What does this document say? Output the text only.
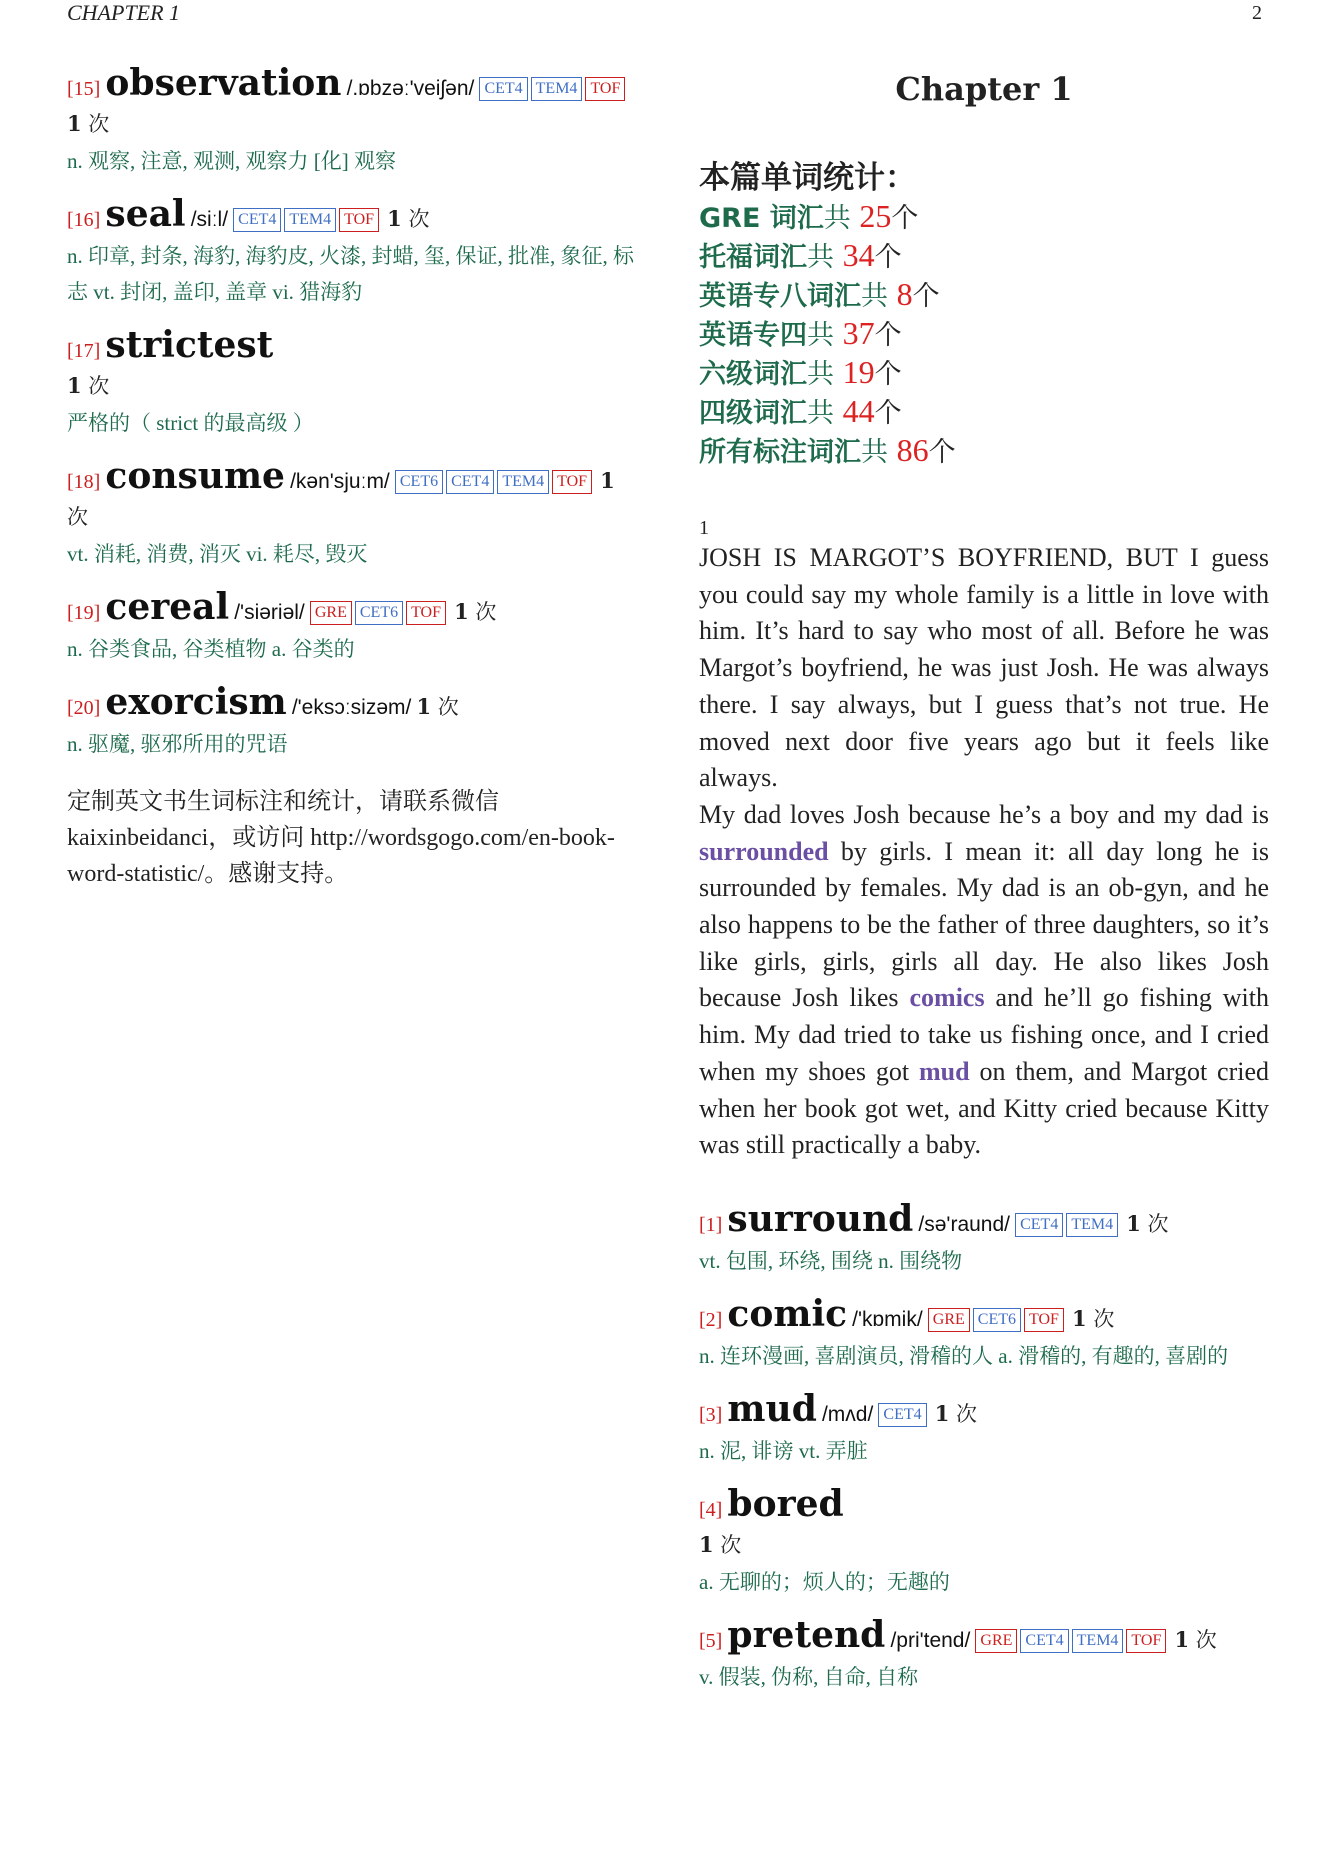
CHAPTER 1	2
[15] observation /.ɒbzəː'veiʃən/ CET4 TEM4 TOF
1 次
n. 观察, 注意, 观测, 观察力 [化] 观察
[16] seal /siːl/ CET4 TEM4 TOF 1 次
n. 印章, 封条, 海豹, 海豹皮, 火漆, 封蜡, 玺, 保证, 批准, 象征, 标志 vt. 封闭, 盖印, 盖章 vi. 猎海豹
[17] strictest
1 次
严格的（ strict 的最高级 ）
[18] consume /kən'sjuːm/ CET6 CET4 TEM4 TOF 1 次
vt. 消耗, 消费, 消灭 vi. 耗尽, 毁灭
[19] cereal /'siəriəl/ GRE CET6 TOF 1 次
n. 谷类食品, 谷类植物 a. 谷类的
[20] exorcism /'eksɔːsizəm/ 1 次
n. 驱魔, 驱邪所用的咒语
定制英文书生词标注和统计，请联系微信 kaixinbeidanci，或访问 http://wordsgogo.com/en-book-word-statistic/。感谢支持。
Chapter 1
本篇单词统计：
GRE 词汇共 25个
托福词汇共 34个
英语专八词汇共 8个
英语专四共 37个
六级词汇共 19个
四级词汇共 44个
所有标注词汇共 86个
1
JOSH IS MARGOT’S BOYFRIEND, BUT I guess you could say my whole family is a little in love with him. It’s hard to say who most of all. Before he was Margot’s boyfriend, he was just Josh. He was always there. I say always, but I guess that’s not true. He moved next door five years ago but it feels like always.
My dad loves Josh because he’s a boy and my dad is surrounded by girls. I mean it: all day long he is surrounded by females. My dad is an ob-gyn, and he also happens to be the father of three daughters, so it’s like girls, girls, girls all day. He also likes Josh because Josh likes comics and he’ll go fishing with him. My dad tried to take us fishing once, and I cried when my shoes got mud on them, and Margot cried when her book got wet, and Kitty cried because Kitty was still practically a baby.
[1] surround /sə'raund/ CET4 TEM4 1 次
vt. 包围, 环绕, 围绕 n. 围绕物
[2] comic /'kɒmik/ GRE CET6 TOF 1 次
n. 连环漫画, 喜剧演员, 滑稽的人 a. 滑稽的, 有趣的, 喜剧的
[3] mud /mʌd/ CET4 1 次
n. 泥, 诽谤 vt. 弄脏
[4] bored
1 次
a. 无聊的；烦人的；无趣的
[5] pretend /pri'tend/ GRE CET4 TEM4 TOF 1 次
v. 假装, 伪称, 自命, 自称
